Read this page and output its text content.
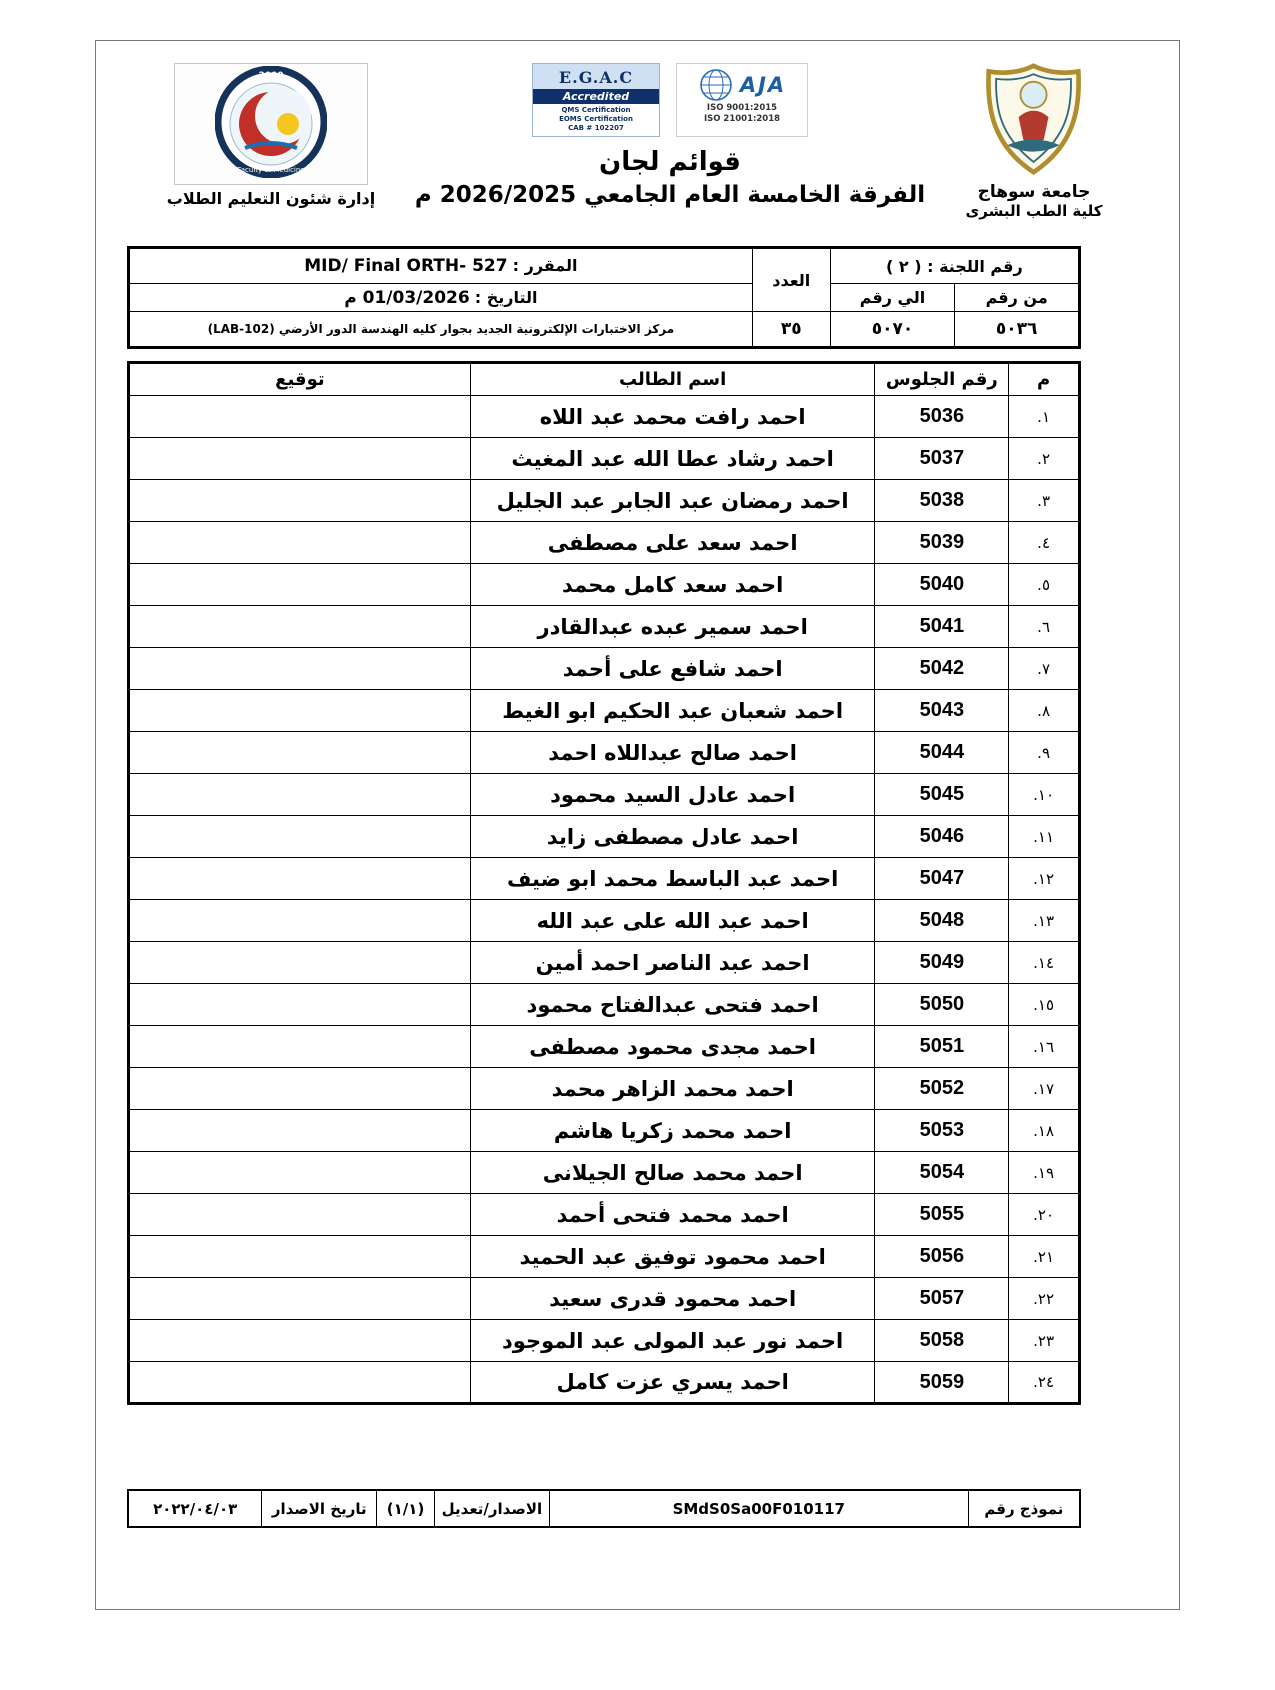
2000
Faculty of Medicine
إدارة شئون التعليم الطلاب
E.G.A.C
Accredited
QMS Certification
EOMS Certification
CAB # 102207
AJA
ISO 9001:2015
ISO 21001:2018
قوائم لجان
الفرقة الخامسة العام الجامعي 2026/2025 م	جامعة سوهاج
كلية الطب البشرى
رقم اللجنة : ( ٢ )		العدد	المقرر : MID/ Final ORTH- 527
من رقم	الي رقم		التاريخ : 01/03/2026 م
٥٠٣٦	٥٠٧٠	٣٥	مركز الاختبارات الإلكترونية الجديد بجوار كليه الهندسة الدور الأرضي (LAB-102)
م	رقم الجلوس	اسم الطالب	توقيع
١.	5036	احمد رافت محمد عبد اللاه	
٢.	5037	احمد رشاد عطا الله عبد المغيث	
٣.	5038	احمد رمضان عبد الجابر عبد الجليل	
٤.	5039	احمد سعد على مصطفى	
٥.	5040	احمد سعد كامل محمد	
٦.	5041	احمد سمير عبده عبدالقادر	
٧.	5042	احمد شافع على أحمد	
٨.	5043	احمد شعبان عبد الحكيم ابو الغيط	
٩.	5044	احمد صالح عبداللاه احمد	
١٠.	5045	احمد عادل السيد محمود	
١١.	5046	احمد عادل مصطفى زايد	
١٢.	5047	احمد عبد الباسط محمد ابو ضيف	
١٣.	5048	احمد عبد الله على عبد الله	
١٤.	5049	احمد عبد الناصر احمد أمين	
١٥.	5050	احمد فتحى عبدالفتاح محمود	
١٦.	5051	احمد مجدى محمود مصطفى	
١٧.	5052	احمد محمد الزاهر محمد	
١٨.	5053	احمد محمد زكريا هاشم	
١٩.	5054	احمد محمد صالح الجيلانى	
٢٠.	5055	احمد محمد فتحى أحمد	
٢١.	5056	احمد محمود توفيق عبد الحميد	
٢٢.	5057	احمد محمود قدرى سعيد	
٢٣.	5058	احمد نور عبد المولى عبد الموجود	
٢٤.	5059	احمد يسري عزت كامل	
نموذج رقم	SMdS0Sa00F010117	الاصدار/تعديل	(١/١)	تاريخ الاصدار	٢٠٢٢/٠٤/٠٣
